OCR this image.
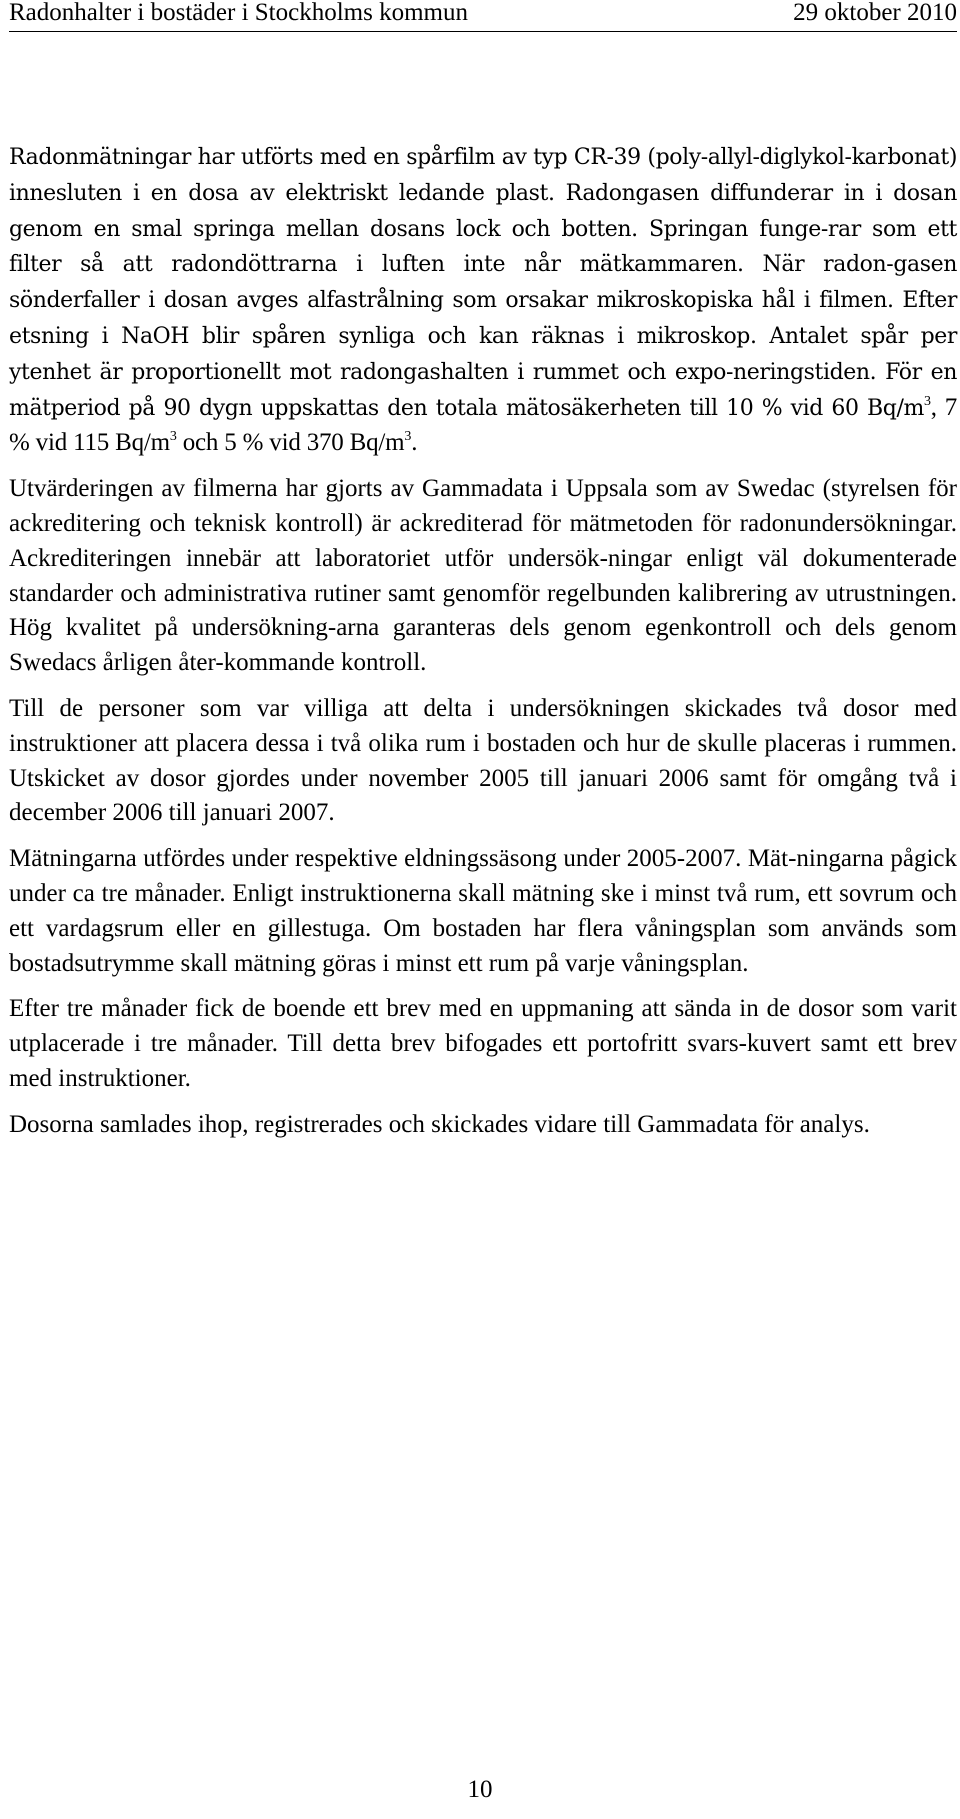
Radonhalter i bostäder i Stockholms kommun	29 oktober 2010

Radonmätningar har utförts med en spårfilm av typ CR-39 (poly-allyl-diglykol-karbonat) innesluten i en dosa av elektriskt ledande plast. Radongasen diffunderar in i dosan genom en smal springa mellan dosans lock och botten. Springan funge-rar som ett filter så att radondöttrarna i luften inte når mätkammaren. När radon-gasen sönderfaller i dosan avges alfastrålning som orsakar mikroskopiska hål i filmen. Efter etsning i NaOH blir spåren synliga och kan räknas i mikroskop. Antalet spår per ytenhet är proportionellt mot radongashalten i rummet och expo-neringstiden. För en mätperiod på 90 dygn uppskattas den totala mätosäkerheten till 10 % vid 60 $Bq/m^3$, 7 % vid 115 $Bq/m^3$ och 5 % vid 370 $Bq/m^3$.

Utvärderingen av filmerna har gjorts av Gammadata i Uppsala som av Swedac (styrelsen för ackreditering och teknisk kontroll) är ackrediterad för mätmetoden för radonundersökningar. Ackrediteringen innebär att laboratoriet utför undersök-ningar enligt väl dokumenterade standarder och administrativa rutiner samt genomför regelbunden kalibrering av utrustningen. Hög kvalitet på undersökning-arna garanteras dels genom egenkontroll och dels genom Swedacs årligen åter-kommande kontroll.

Till de personer som var villiga att delta i undersökningen skickades två dosor med instruktioner att placera dessa i två olika rum i bostaden och hur de skulle placeras i rummen. Utskicket av dosor gjordes under november 2005 till januari 2006 samt för omgång två i december 2006 till januari 2007.

Mätningarna utfördes under respektive eldningssäsong under 2005-2007. Mät-ningarna pågick under ca tre månader. Enligt instruktionerna skall mätning ske i minst två rum, ett sovrum och ett vardagsrum eller en gillestuga. Om bostaden har flera våningsplan som används som bostadsutrymme skall mätning göras i minst ett rum på varje våningsplan.

Efter tre månader fick de boende ett brev med en uppmaning att sända in de dosor som varit utplacerade i tre månader. Till detta brev bifogades ett portofritt svars-kuvert samt ett brev med instruktioner.

Dosorna samlades ihop, registrerades och skickades vidare till Gammadata för analys.

10
